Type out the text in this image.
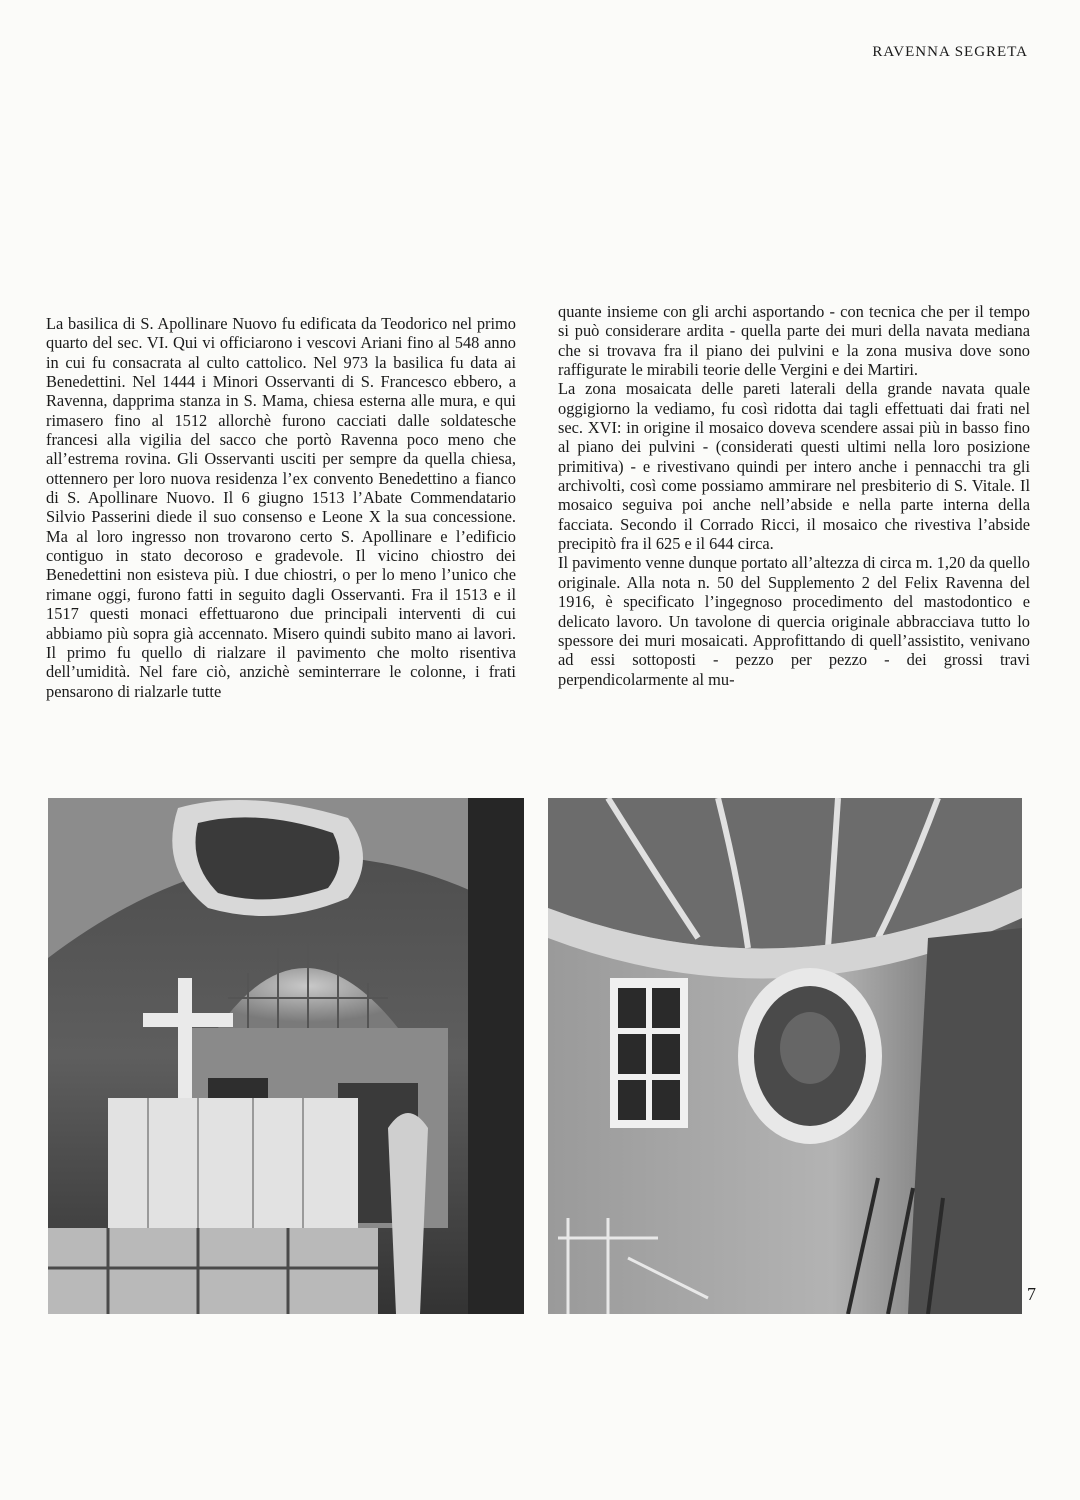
RAVENNA SEGRETA

La basilica di S. Apollinare Nuovo fu edificata da Teodorico nel primo quarto del sec. VI. Qui vi officiarono i vescovi Ariani fino al 548 anno in cui fu consacrata al culto cattolico. Nel 973 la basilica fu data ai Benedettini. Nel 1444 i Minori Osservanti di S. Francesco ebbero, a Ravenna, dapprima stanza in S. Mama, chiesa esterna alle mura, e qui rimasero fino al 1512 allorchè furono cacciati dalle soldatesche francesi alla vigilia del sacco che portò Ravenna poco meno che all’estrema rovina. Gli Osservanti usciti per sempre da quella chiesa, ottennero per loro nuova residenza l’ex convento Benedettino a fianco di S. Apollinare Nuovo. Il 6 giugno 1513 l’Abate Commendatario Silvio Passerini diede il suo consenso e Leone X la sua concessione. Ma al loro ingresso non trovarono certo S. Apollinare e l’edificio contiguo in stato decoroso e gradevole. Il vicino chiostro dei Benedettini non esisteva più. I due chiostri, o per lo meno l’unico che rimane oggi, furono fatti in seguito dagli Osservanti. Fra il 1513 e il 1517 questi monaci effettuarono due principali interventi di cui abbiamo più sopra già accennato. Misero quindi subito mano ai lavori. Il primo fu quello di rialzare il pavimento che molto risentiva dell’umidità. Nel fare ciò, anzichè seminterrare le colonne, i frati pensarono di rialzarle tutte

quante insieme con gli archi asportando - con tecnica che per il tempo si può considerare ardita - quella parte dei muri della navata mediana che si trovava fra il piano dei pulvini e la zona musiva dove sono raffigurate le mirabili teorie delle Vergini e dei Martiri.

La zona mosaicata delle pareti laterali della grande navata quale oggigiorno la vediamo, fu così ridotta dai tagli effettuati dai frati nel sec. XVI: in origine il mosaico doveva scendere assai più in basso fino al piano dei pulvini - (considerati questi ultimi nella loro posizione primitiva) - e rivestivano quindi per intero anche i pennacchi tra gli archivolti, così come possiamo ammirare nel presbiterio di S. Vitale. Il mosaico seguiva poi anche nell’abside e nella parte interna della facciata. Secondo il Corrado Ricci, il mosaico che rivestiva l’abside precipitò fra il 625 e il 644 circa.

Il pavimento venne dunque portato all’altezza di circa m. 1,20 da quello originale. Alla nota n. 50 del Supplemento 2 del Felix Ravenna del 1916, è specificato l’ingegnoso procedimento del mastodontico e delicato lavoro. Un tavolone di quercia originale abbracciava tutto lo spessore dei muri mosaicati. Approfittando di quell’assistito, venivano ad essi sottoposti - pezzo per pezzo - dei grossi travi perpendicolarmente al mu-

7
